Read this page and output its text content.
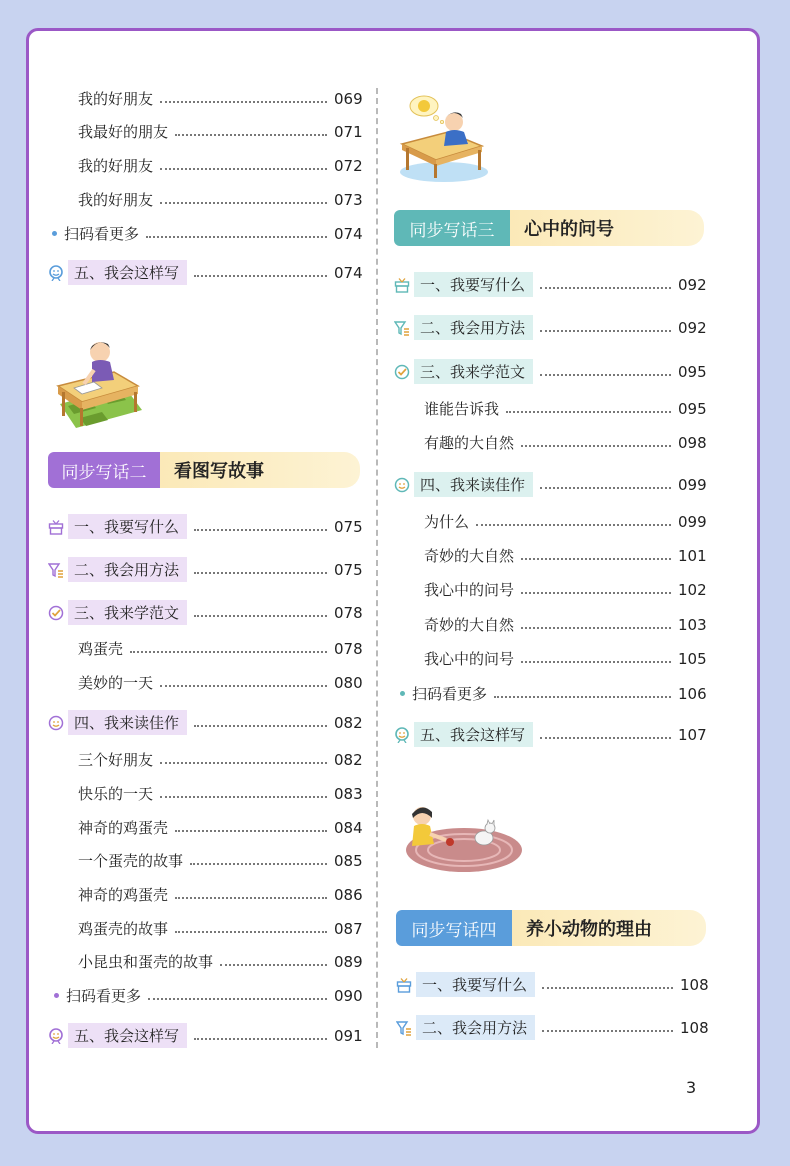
我的好朋友	069
我最好的朋友	071
我的好朋友	072
我的好朋友	073
扫码看更多	074
五、我会这样写	074
同步写话二	看图写故事
一、我要写什么	075
二、我会用方法	075
三、我来学范文	078
鸡蛋壳	078
美妙的一天	080
四、我来读佳作	082
三个好朋友	082
快乐的一天	083
神奇的鸡蛋壳	084
一个蛋壳的故事	085
神奇的鸡蛋壳	086
鸡蛋壳的故事	087
小昆虫和蛋壳的故事	089
扫码看更多	090
五、我会这样写	091
同步写话三	心中的问号
一、我要写什么	092
二、我会用方法	092
三、我来学范文	095
谁能告诉我	095
有趣的大自然	098
四、我来读佳作	099
为什么	099
奇妙的大自然	101
我心中的问号	102
奇妙的大自然	103
我心中的问号	105
扫码看更多	106
五、我会这样写	107
同步写话四	养小动物的理由
一、我要写什么	108
二、我会用方法	108
3
